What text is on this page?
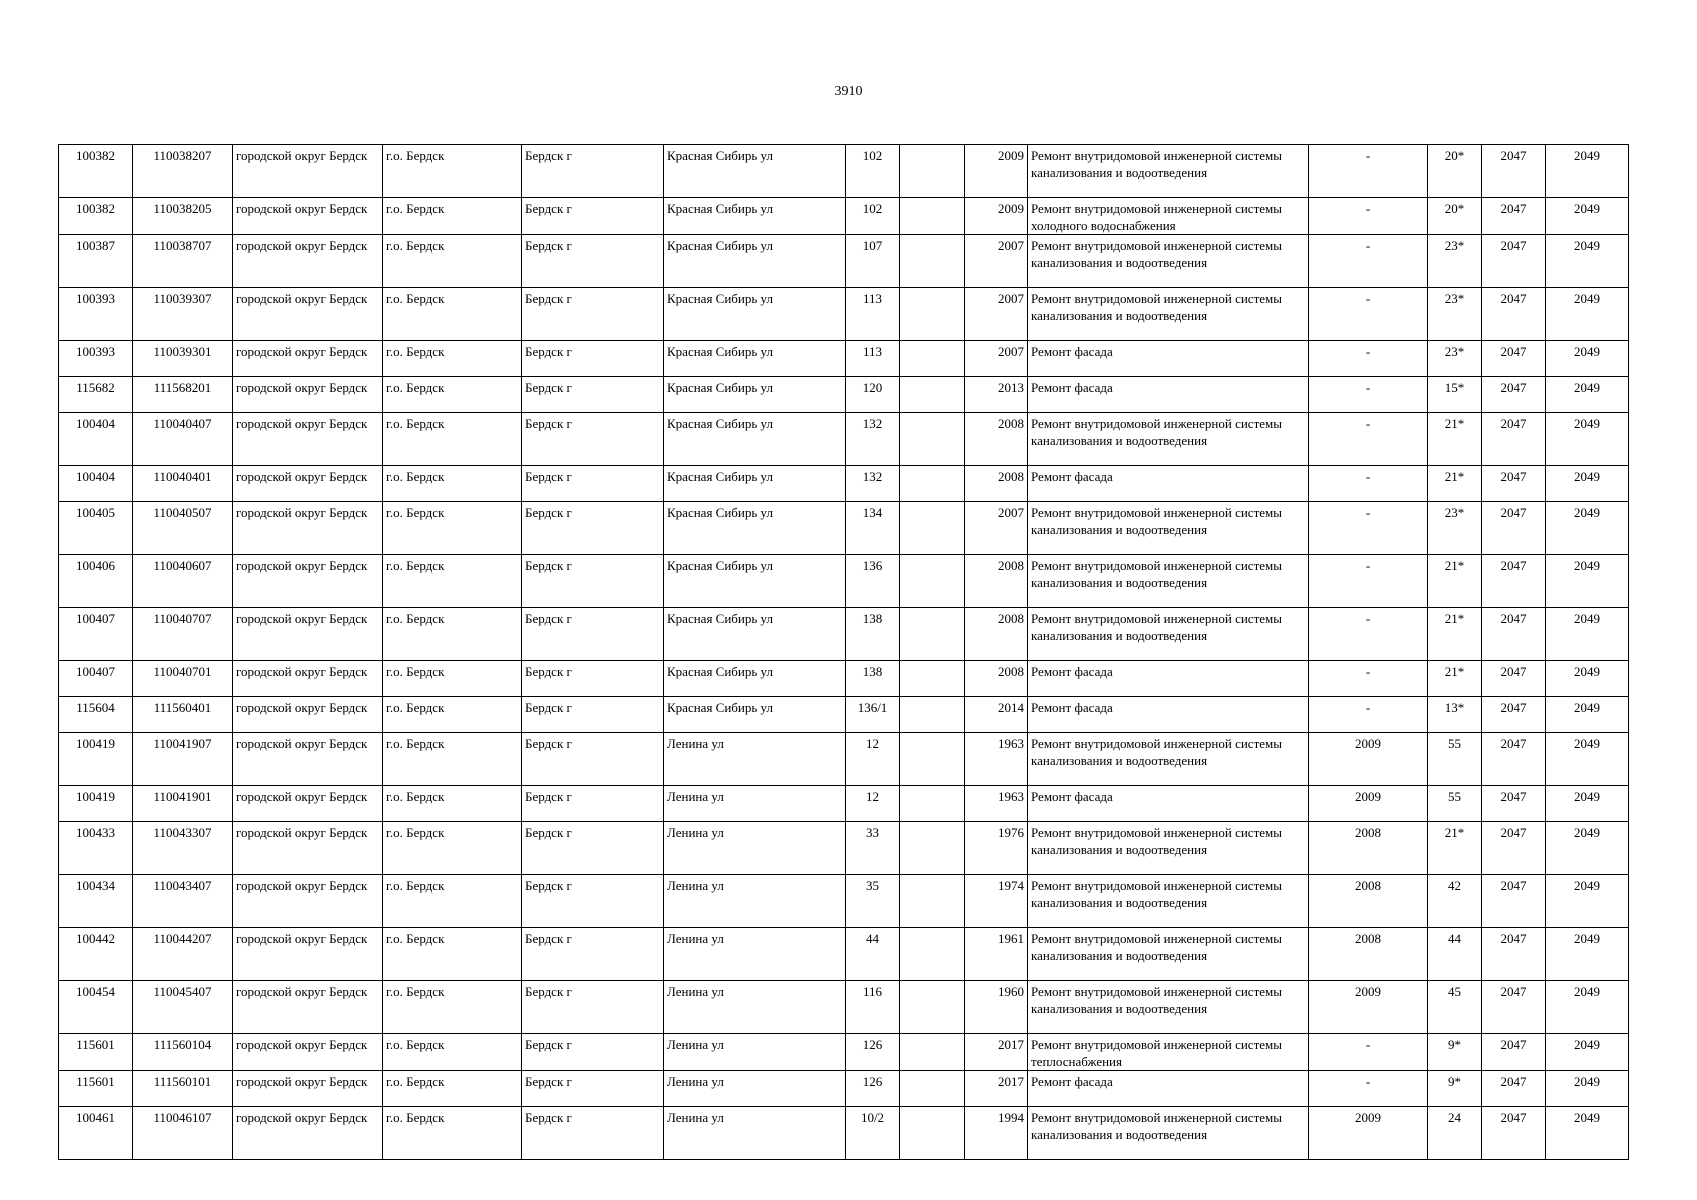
3910
100382	110038207	городской округ Бердск	г.о. Бердск	Бердск г	Красная Сибирь ул	102		2009	Ремонт внутридомовой инженерной системы канализования и водоотведения	-	20*	2047	2049
100382	110038205	городской округ Бердск	г.о. Бердск	Бердск г	Красная Сибирь ул	102		2009	Ремонт внутридомовой инженерной системы холодного водоснабжения	-	20*	2047	2049
100387	110038707	городской округ Бердск	г.о. Бердск	Бердск г	Красная Сибирь ул	107		2007	Ремонт внутридомовой инженерной системы канализования и водоотведения	-	23*	2047	2049
100393	110039307	городской округ Бердск	г.о. Бердск	Бердск г	Красная Сибирь ул	113		2007	Ремонт внутридомовой инженерной системы канализования и водоотведения	-	23*	2047	2049
100393	110039301	городской округ Бердск	г.о. Бердск	Бердск г	Красная Сибирь ул	113		2007	Ремонт фасада	-	23*	2047	2049
115682	111568201	городской округ Бердск	г.о. Бердск	Бердск г	Красная Сибирь ул	120		2013	Ремонт фасада	-	15*	2047	2049
100404	110040407	городской округ Бердск	г.о. Бердск	Бердск г	Красная Сибирь ул	132		2008	Ремонт внутридомовой инженерной системы канализования и водоотведения	-	21*	2047	2049
100404	110040401	городской округ Бердск	г.о. Бердск	Бердск г	Красная Сибирь ул	132		2008	Ремонт фасада	-	21*	2047	2049
100405	110040507	городской округ Бердск	г.о. Бердск	Бердск г	Красная Сибирь ул	134		2007	Ремонт внутридомовой инженерной системы канализования и водоотведения	-	23*	2047	2049
100406	110040607	городской округ Бердск	г.о. Бердск	Бердск г	Красная Сибирь ул	136		2008	Ремонт внутридомовой инженерной системы канализования и водоотведения	-	21*	2047	2049
100407	110040707	городской округ Бердск	г.о. Бердск	Бердск г	Красная Сибирь ул	138		2008	Ремонт внутридомовой инженерной системы канализования и водоотведения	-	21*	2047	2049
100407	110040701	городской округ Бердск	г.о. Бердск	Бердск г	Красная Сибирь ул	138		2008	Ремонт фасада	-	21*	2047	2049
115604	111560401	городской округ Бердск	г.о. Бердск	Бердск г	Красная Сибирь ул	136/1		2014	Ремонт фасада	-	13*	2047	2049
100419	110041907	городской округ Бердск	г.о. Бердск	Бердск г	Ленина ул	12		1963	Ремонт внутридомовой инженерной системы канализования и водоотведения	2009	55	2047	2049
100419	110041901	городской округ Бердск	г.о. Бердск	Бердск г	Ленина ул	12		1963	Ремонт фасада	2009	55	2047	2049
100433	110043307	городской округ Бердск	г.о. Бердск	Бердск г	Ленина ул	33		1976	Ремонт внутридомовой инженерной системы канализования и водоотведения	2008	21*	2047	2049
100434	110043407	городской округ Бердск	г.о. Бердск	Бердск г	Ленина ул	35		1974	Ремонт внутридомовой инженерной системы канализования и водоотведения	2008	42	2047	2049
100442	110044207	городской округ Бердск	г.о. Бердск	Бердск г	Ленина ул	44		1961	Ремонт внутридомовой инженерной системы канализования и водоотведения	2008	44	2047	2049
100454	110045407	городской округ Бердск	г.о. Бердск	Бердск г	Ленина ул	116		1960	Ремонт внутридомовой инженерной системы канализования и водоотведения	2009	45	2047	2049
115601	111560104	городской округ Бердск	г.о. Бердск	Бердск г	Ленина ул	126		2017	Ремонт внутридомовой инженерной системы теплоснабжения	-	9*	2047	2049
115601	111560101	городской округ Бердск	г.о. Бердск	Бердск г	Ленина ул	126		2017	Ремонт фасада	-	9*	2047	2049
100461	110046107	городской округ Бердск	г.о. Бердск	Бердск г	Ленина ул	10/2		1994	Ремонт внутридомовой инженерной системы канализования и водоотведения	2009	24	2047	2049
